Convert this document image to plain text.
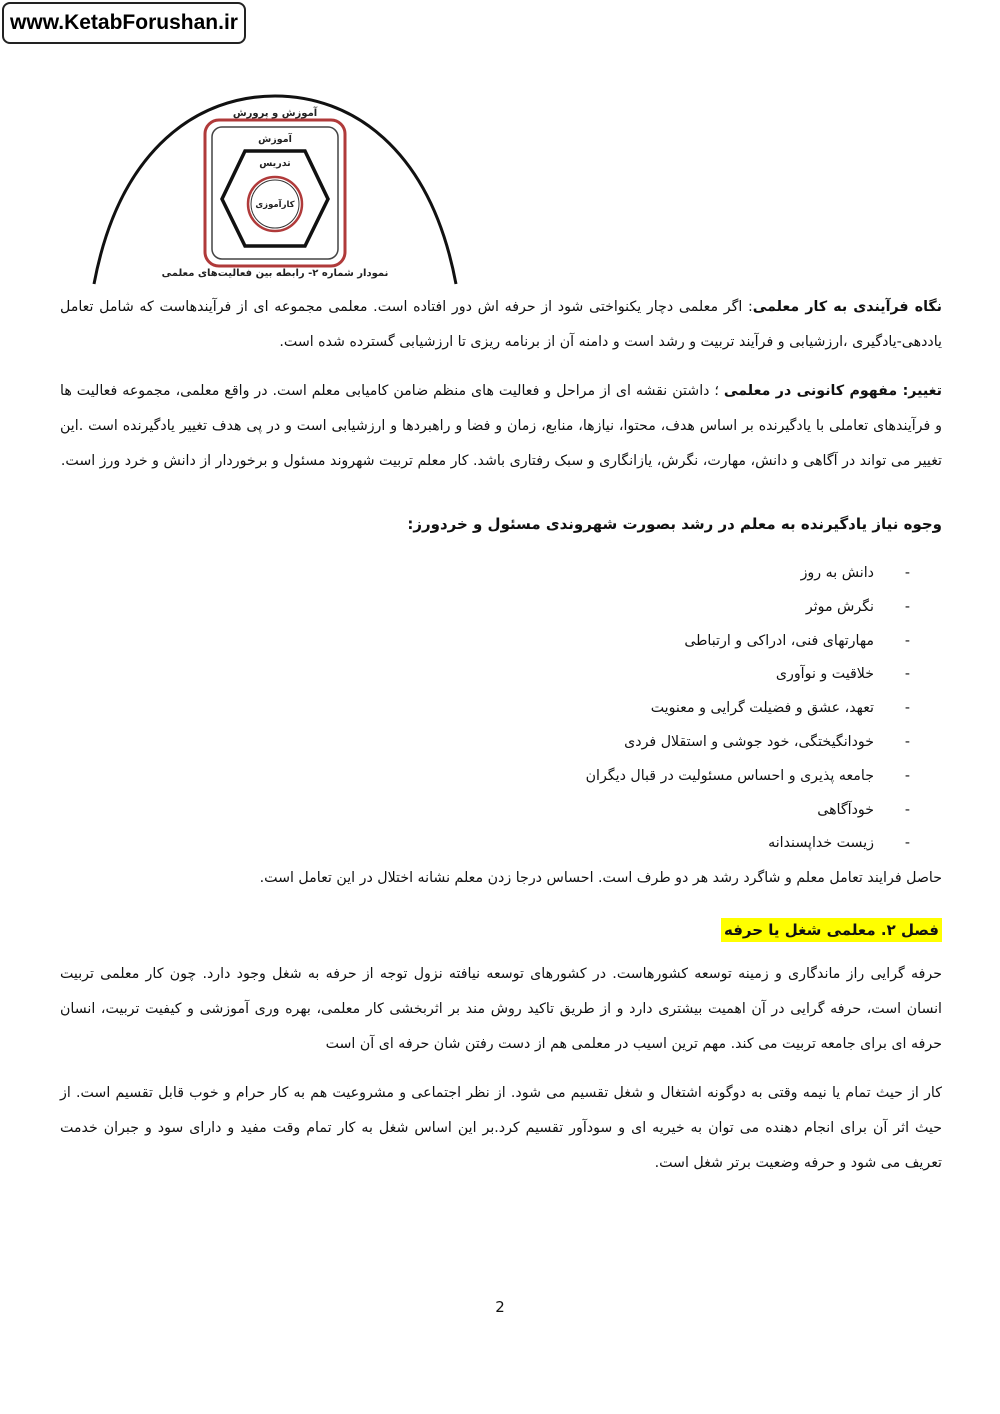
www.KetabForushan.ir
آموزش و پرورش
آموزش
تدریس
کارآموزی
نمودار شماره ۲- رابطه بین فعالیت‌های معلمی

نگاه فرآیندی به کار معلمی: اگر معلمی دچار یکنواختی شود از حرفه اش دور افتاده است. معلمی مجموعه ای از فرآیندهاست که شامل تعامل یاددهی-یادگیری ،ارزشیابی و فرآیند تربیت و رشد است و دامنه آن از برنامه ریزی تا ارزشیابی گسترده شده است.

تغییر: مفهوم کانونی در معلمی ؛ داشتن نقشه ای از مراحل و فعالیت های منظم ضامن کامیابی معلم است. در واقع معلمی، مجموعه فعالیت ها و فرآیندهای تعاملی با یادگیرنده بر اساس هدف، محتوا، نیازها، منابع، زمان و فضا و راهبردها و ارزشیابی است و در پی هدف تغییر یادگیرنده است .این تغییر می تواند در آگاهی و دانش، مهارت، نگرش، یازانگاری و سبک رفتاری باشد. کار معلم تربیت شهروند مسئول و برخوردار از دانش و خرد ورز است.

وجوه نیاز یادگیرنده به معلم در رشد بصورت شهروندی مسئول و خردورز:
-
دانش به روز
-
نگرش موثر
-
مهارتهای فنی، ادراکی و ارتباطی
-
خلاقیت و نوآوری
-
تعهد، عشق و فضیلت گرایی و معنویت
-
خودانگیختگی، خود جوشی و استقلال فردی
-
جامعه پذیری و احساس مسئولیت در قبال دیگران
-
خودآگاهی
-
زیست خداپسندانه

حاصل فرایند تعامل معلم و شاگرد رشد هر دو طرف است. احساس درجا زدن معلم نشانه اختلال در این تعامل است.

فصل ۲. معلمی شغل یا حرفه

حرفه گرایی راز ماندگاری و زمینه توسعه کشورهاست. در کشورهای توسعه نیافته نزول توجه از حرفه به شغل وجود دارد. چون کار معلمی تربیت انسان است، حرفه گرایی در آن اهمیت بیشتری دارد و از طریق تاکید روش مند بر اثربخشی کار معلمی، بهره وری آموزشی و کیفیت تربیت، انسان حرفه ای برای جامعه تربیت می کند. مهم ترین اسیب در معلمی هم از دست رفتن شان حرفه ای آن است

کار از حیث تمام یا نیمه وقتی به دوگونه اشتغال و شغل تقسیم می شود. از نظر اجتماعی و مشروعیت هم به کار حرام و خوب قابل تقسیم است. از حیث اثر آن برای انجام دهنده می توان به خیریه ای و سودآور تقسیم کرد.بر این اساس شغل به کار تمام وقت مفید و دارای سود و جبران خدمت تعریف می شود و حرفه وضعیت برتر شغل است.

2
